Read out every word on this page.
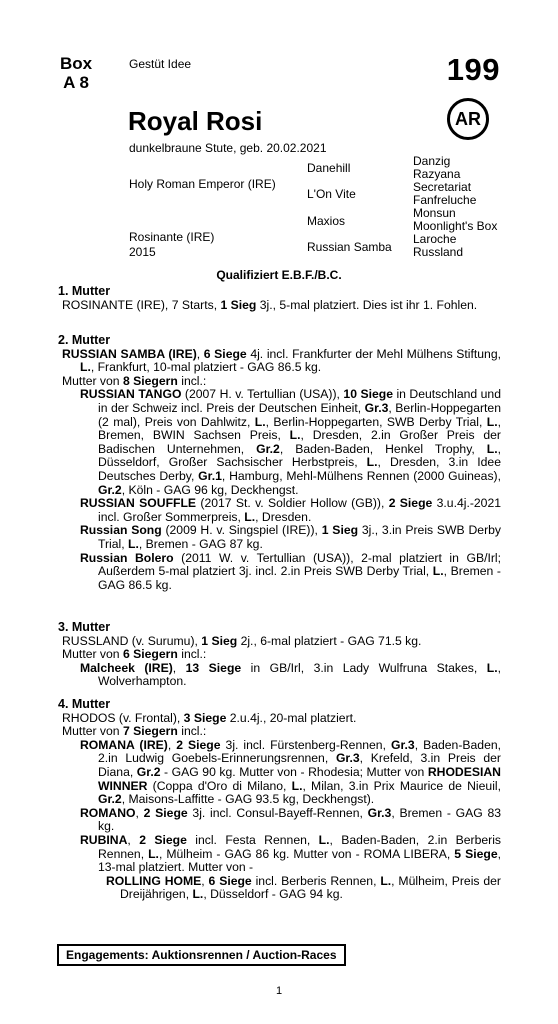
Box
A 8
Gestüt Idee	199
AR
Royal Rosi
dunkelbraune Stute, geb. 20.02.2021
Holy Roman Emperor (IRE)
Rosinante (IRE)
2015
Danehill
L'On Vite
Maxios
Russian Samba
Danzig
Razyana
Secretariat
Fanfreluche
Monsun
Moonlight's Box
Laroche
Russland
Qualifiziert E.B.F./B.C.
1. Mutter

ROSINANTE (IRE), 7 Starts, 1 Sieg 3j., 5-mal platziert. Dies ist ihr 1. Fohlen.

2. Mutter

RUSSIAN SAMBA (IRE), 6 Siege 4j. incl. Frankfurter der Mehl Mülhens Stiftung, L., Frankfurt, 10-mal platziert - GAG 86.5 kg.

Mutter von 8 Siegern incl.:

RUSSIAN TANGO (2007 H. v. Tertullian (USA)), 10 Siege in Deutschland und in der Schweiz incl. Preis der Deutschen Einheit, Gr.3, Berlin-Hoppegarten (2 mal), Preis von Dahlwitz, L., Berlin-Hoppegarten, SWB Derby Trial, L., Bremen, BWIN Sachsen Preis, L., Dresden, 2.in Großer Preis der Badischen Unternehmen, Gr.2, Baden-Baden, Henkel Trophy, L., Düsseldorf, Großer Sachsischer Herbstpreis, L., Dresden, 3.in Idee Deutsches Derby, Gr.1, Hamburg, Mehl-Mülhens Rennen (2000 Guineas), Gr.2, Köln - GAG 96 kg, Deckhengst.

RUSSIAN SOUFFLE (2017 St. v. Soldier Hollow (GB)), 2 Siege 3.u.4j.-2021 incl. Großer Sommerpreis, L., Dresden.

Russian Song (2009 H. v. Singspiel (IRE)), 1 Sieg 3j., 3.in Preis SWB Derby Trial, L., Bremen - GAG 87 kg.

Russian Bolero (2011 W. v. Tertullian (USA)), 2-mal platziert in GB/Irl; Außerdem 5-mal platziert 3j. incl. 2.in Preis SWB Derby Trial, L., Bremen - GAG 86.5 kg.

3. Mutter

RUSSLAND (v. Surumu), 1 Sieg 2j., 6-mal platziert - GAG 71.5 kg.

Mutter von 6 Siegern incl.:

Malcheek (IRE), 13 Siege in GB/Irl, 3.in Lady Wulfruna Stakes, L., Wolverhampton.

4. Mutter

RHODOS (v. Frontal), 3 Siege 2.u.4j., 20-mal platziert.

Mutter von 7 Siegern incl.:

ROMANA (IRE), 2 Siege 3j. incl. Fürstenberg-Rennen, Gr.3, Baden-Baden, 2.in Ludwig Goebels-Erinnerungsrennen, Gr.3, Krefeld, 3.in Preis der Diana, Gr.2 - GAG 90 kg. Mutter von - Rhodesia; Mutter von RHODESIAN WINNER (Coppa d'Oro di Milano, L., Milan, 3.in Prix Maurice de Nieuil, Gr.2, Maisons-Laffitte - GAG 93.5 kg, Deckhengst).

ROMANO, 2 Siege 3j. incl. Consul-Bayeff-Rennen, Gr.3, Bremen - GAG 83 kg.

RUBINA, 2 Siege incl. Festa Rennen, L., Baden-Baden, 2.in Berberis Rennen, L., Mülheim - GAG 86 kg. Mutter von - ROMA LIBERA, 5 Siege, 13-mal platziert. Mutter von -

ROLLING HOME, 6 Siege incl. Berberis Rennen, L., Mülheim, Preis der Dreijährigen, L., Düsseldorf - GAG 94 kg.

Engagements: Auktionsrennen / Auction-Races
1
